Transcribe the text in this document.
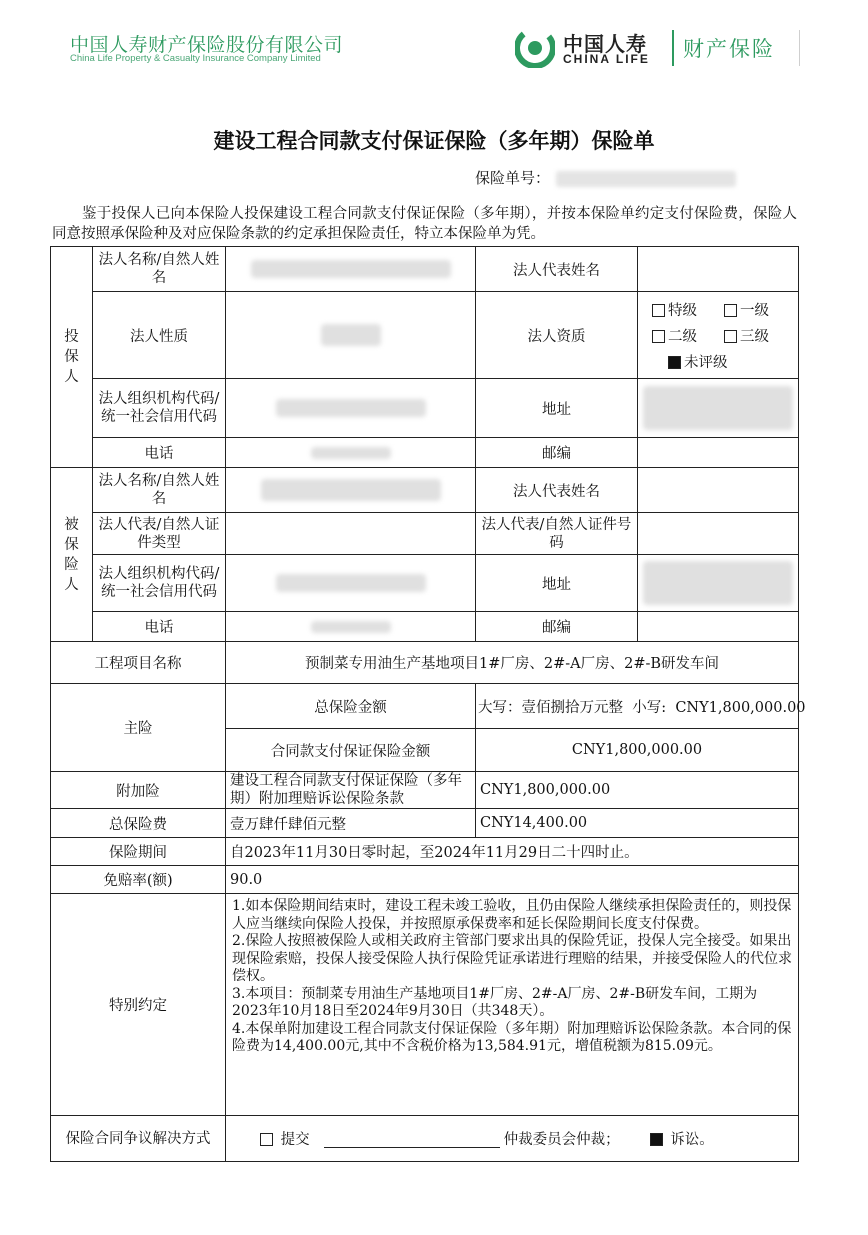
中国人寿财产保险股份有限公司
China Life Property & Casualty Insurance Company Limited
中国人寿
CHINA LIFE 财产保险
建设工程合同款支付保证保险（多年期）保险单
保险单号：
鉴于投保人已向本保险人投保建设工程合同款支付保证保险（多年期），并按本保险单约定支付保险费，保险人同意按照承保险种及对应保险条款的约定承担保险责任，特立本保险单为凭。
投保人	法人名称/自然人姓名		法人代表姓名	
	法人性质		法人资质	特级 一级
二级 三级
未评级
	法人组织机构代码/统一社会信用代码		地址	

	电话		邮编	
被保险人	法人名称/自然人姓名		法人代表姓名	
	法人代表/自然人证件类型		法人代表/自然人证件号码	
	法人组织机构代码/统一社会信用代码		地址	

	电话		邮编	
工程项目名称		预制菜专用油生产基地项目1#厂房、2#-A厂房、2#-B研发车间		
主险		总保险金额	大写：壹佰捌拾万元整  小写:  CNY1,800,000.00	
		合同款支付保证保险金额	CNY1,800,000.00	
附加险		建设工程合同款支付保证保险（多年期）附加理赔诉讼保险条款	CNY1,800,000.00	
总保险费		壹万肆仟肆佰元整	CNY14,400.00	
保险期间		自2023年11月30日零时起，至2024年11月29日二十四时止。		
免赔率(额)		90.0		
特别约定		1.如本保险期间结束时，建设工程未竣工验收，且仍由保险人继续承担保险责任的，则投保人应当继续向保险人投保，并按照原承保费率和延长保险期间长度支付保费。
2.保险人按照被保险人或相关政府主管部门要求出具的保险凭证，投保人完全接受。如果出现保险索赔，投保人接受保险人执行保险凭证承诺进行理赔的结果，并接受保险人的代位求偿权。
3.本项目：预制菜专用油生产基地项目1#厂房、2#-A厂房、2#-B研发车间，工期为2023年10月18日至2024年9月30日（共348天）。
4.本保单附加建设工程合同款支付保证保险（多年期）附加理赔诉讼保险条款。本合同的保险费为14,400.00元,其中不含税价格为13,584.91元，增值税额为815.09元。		

保险合同争议解决方式		提交 仲裁委员会仲裁； 诉讼。		
